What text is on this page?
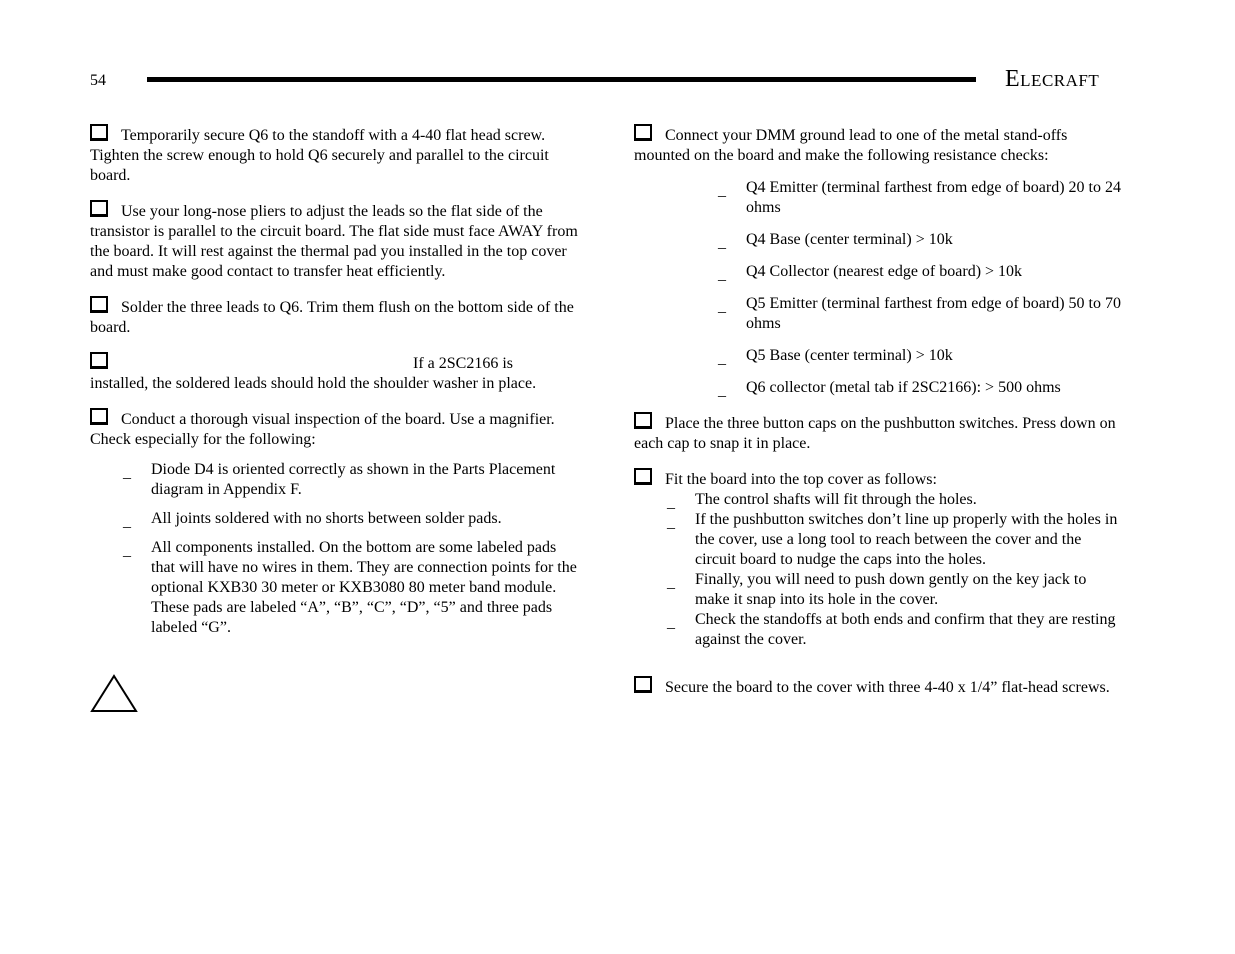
54	ELECRAFT
Temporarily secure Q6 to the standoff with a 4-40 flat head screw. Tighten the screw enough to hold Q6 securely and parallel to the circuit board.
Use your long-nose pliers to adjust the leads so the flat side of the transistor is parallel to the circuit board. The flat side must face AWAY from the board. It will rest against the thermal pad you installed in the top cover and must make good contact to transfer heat efficiently.
Solder the three leads to Q6. Trim them flush on the bottom side of the board.
If a 2SC2166 is
installed, the soldered leads should hold the shoulder washer in place.
Conduct a thorough visual inspection of the board. Use a magnifier. Check especially for the following:
_ Diode D4 is oriented correctly as shown in the Parts Placement diagram in Appendix F.
_ All joints soldered with no shorts between solder pads.
_ All components installed. On the bottom are some labeled pads that will have no wires in them. They are connection points for the optional KXB30 30 meter or KXB3080 80 meter band module. These pads are labeled “A”, “B”, “C”, “D”, “5” and three pads labeled “G”.
Connect your DMM ground lead to one of the metal stand-offs mounted on the board and make the following resistance checks:
_ Q4 Emitter (terminal farthest from edge of board) 20 to 24 ohms
_ Q4 Base (center terminal) > 10k
_ Q4 Collector (nearest edge of board) > 10k
_ Q5 Emitter (terminal farthest from edge of board) 50 to 70 ohms
_ Q5 Base (center terminal) > 10k
_ Q6 collector (metal tab if 2SC2166): > 500 ohms
Place the three button caps on the pushbutton switches. Press down on each cap to snap it in place.
Fit the board into the top cover as follows:
_ The control shafts will fit through the holes.
_ If the pushbutton switches don’t line up properly with the holes in the cover, use a long tool to reach between the cover and the circuit board to nudge the caps into the holes.
_ Finally, you will need to push down gently on the key jack to make it snap into its hole in the cover.
_ Check the standoffs at both ends and confirm that they are resting against the cover.
Secure the board to the cover with three 4-40 x 1/4” flat-head screws.
